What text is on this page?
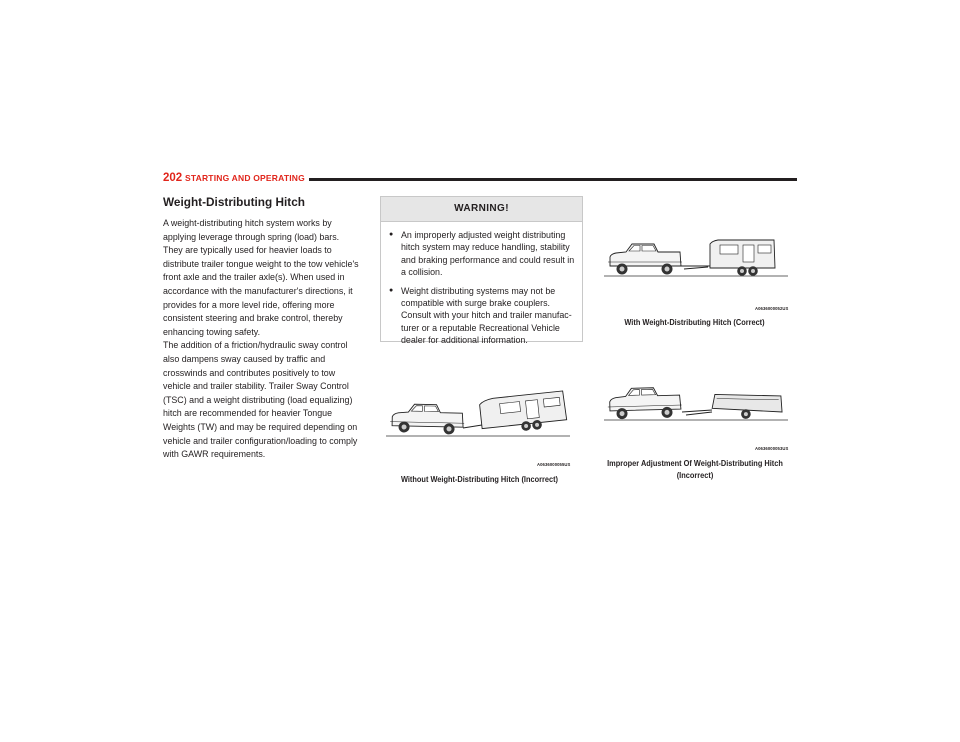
202 STARTING AND OPERATING
Weight-Distributing Hitch

A weight-distributing hitch system works by applying leverage through spring (load) bars. They are typically used for heavier loads to distribute trailer tongue weight to the tow vehicle's front axle and the trailer axle(s). When used in accordance with the manufacturer's directions, it provides for a more level ride, offering more consistent steering and brake control, thereby enhancing towing safety.

The addition of a friction/hydraulic sway control also dampens sway caused by traffic and crosswinds and contributes positively to tow vehicle and trailer stability. Trailer Sway Control (TSC) and a weight distributing (load equalizing) hitch are recommended for heavier Tongue Weights (TW) and may be required depending on vehicle and trailer configuration/loading to comply with GAWR requirements.

WARNING!
● An improperly adjusted weight distributing hitch system may reduce handling, stability and braking performance and could result in a collision.
● Weight distributing systems may not be compatible with surge brake couplers. Consult with your hitch and trailer manufac-turer or a reputable Recreational Vehicle dealer for additional information.
A0636000055US
Without Weight-Distributing Hitch (Incorrect)
A0636000052US
With Weight-Distributing Hitch (Correct)
A0636000053US
Improper Adjustment Of Weight-Distributing Hitch
(Incorrect)
